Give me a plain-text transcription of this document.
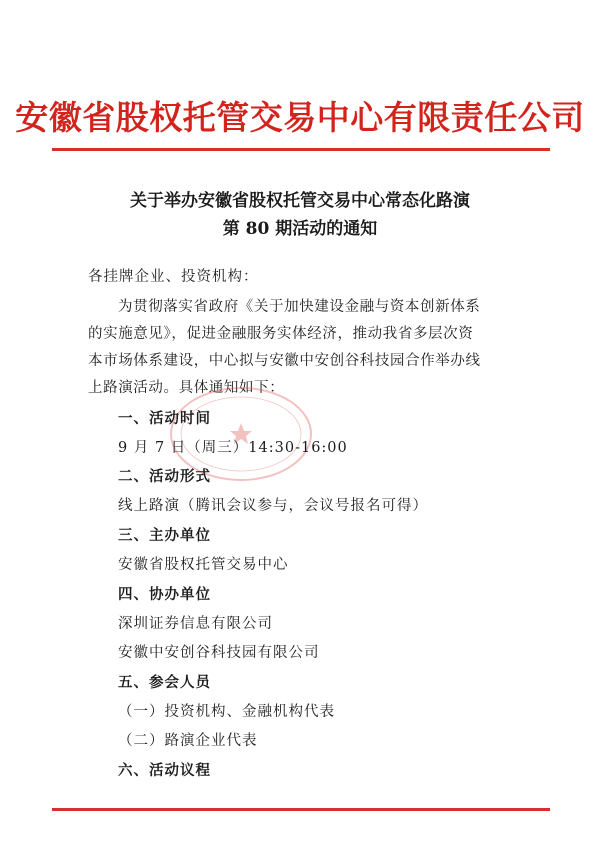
安徽省股权托管交易中心有限责任公司
关于举办安徽省股权托管交易中心常态化路演
第 80 期活动的通知
各挂牌企业、投资机构：
为贯彻落实省政府《关于加快建设金融与资本创新体系
的实施意见》，促进金融服务实体经济，推动我省多层次资
本市场体系建设，中心拟与安徽中安创谷科技园合作举办线
上路演活动。具体通知如下：
一、活动时间
9 月 7 日（周三）14:30-16:00
二、活动形式
线上路演（腾讯会议参与，会议号报名可得）
三、主办单位
安徽省股权托管交易中心
四、协办单位
深圳证券信息有限公司
安徽中安创谷科技园有限公司
五、参会人员
（一）投资机构、金融机构代表
（二）路演企业代表
六、活动议程
